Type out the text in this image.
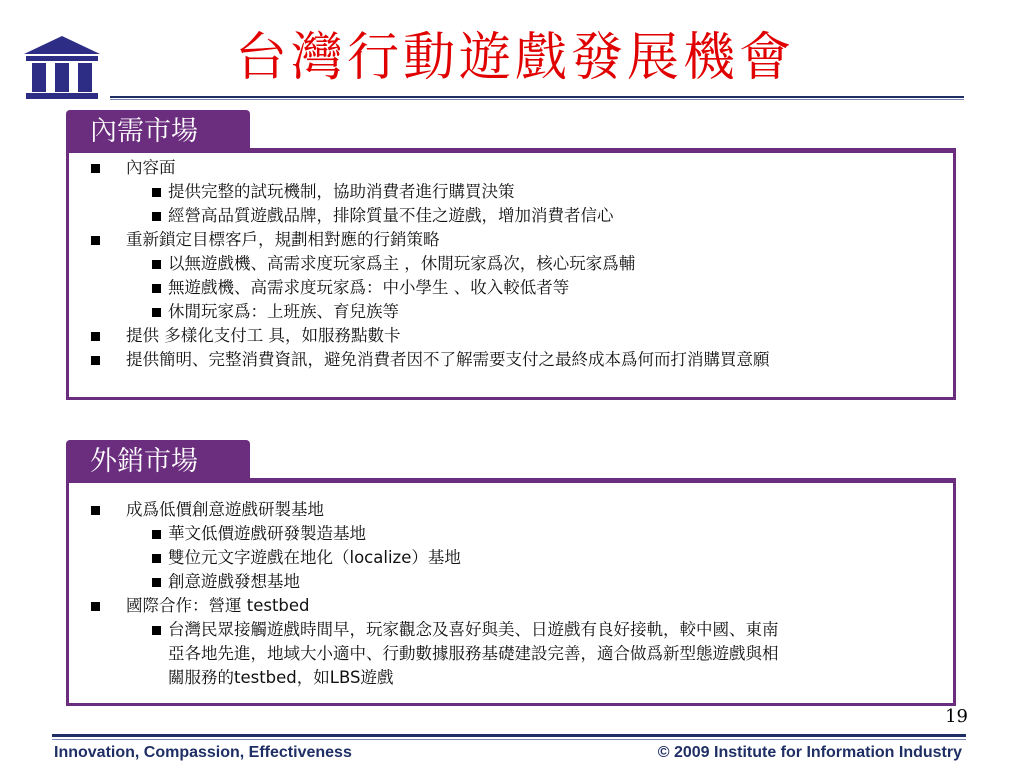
台灣行動遊戲發展機會
內需市場
內容面
提供完整的試玩機制，協助消費者進行購買決策
經營高品質遊戲品牌，排除質量不佳之遊戲，增加消費者信心
重新鎖定目標客戶，規劃相對應的行銷策略
以無遊戲機、高需求度玩家爲主 ，休閒玩家爲次，核心玩家爲輔
無遊戲機、高需求度玩家爲：中小學生 、收入較低者等
休閒玩家爲：上班族、育兒族等
提供 多樣化支付工 具，如服務點數卡
提供簡明、完整消費資訊，避免消費者因不了解需要支付之最終成本爲何而打消購買意願
外銷市場
成爲低價創意遊戲研製基地
華文低價遊戲研發製造基地
雙位元文字遊戲在地化（localize）基地
創意遊戲發想基地
國際合作：營運 testbed
台灣民眾接觸遊戲時間早，玩家觀念及喜好與美、日遊戲有良好接軌，較中國、東南
亞各地先進，地域大小適中、行動數據服務基礎建設完善，適合做爲新型態遊戲與相
關服務的testbed，如LBS遊戲
19
Innovation, Compassion, Effectiveness	© 2009 Institute for Information Industry
